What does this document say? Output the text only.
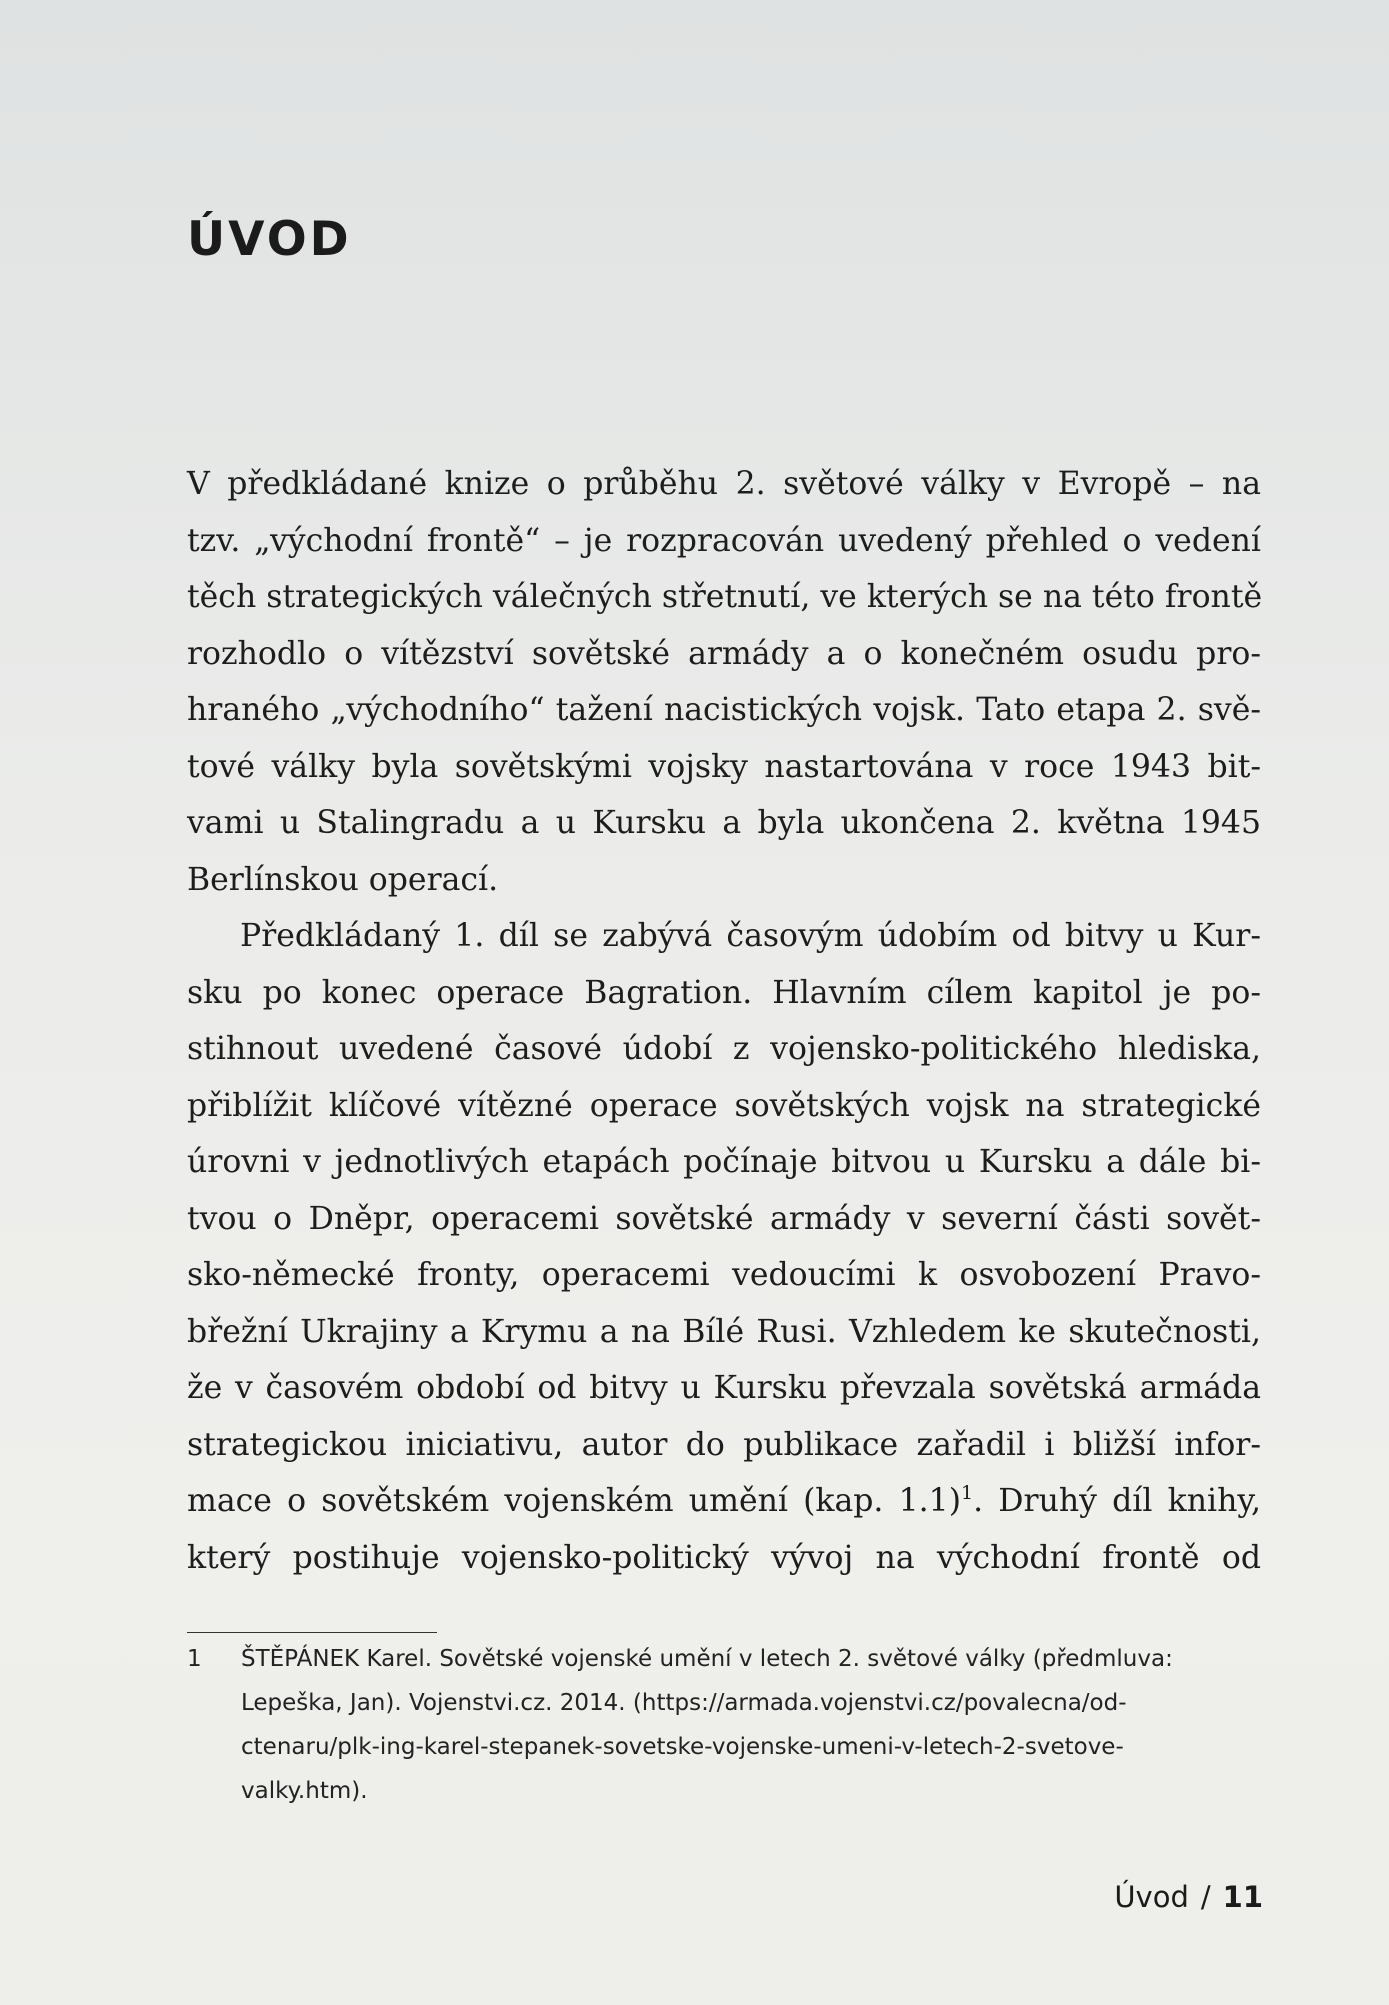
ÚVOD
V předkládané knize o průběhu 2. světové války v Evropě – na
tzv. „východní frontě“ – je rozpracován uvedený přehled o vedení
těch strategických válečných střetnutí, ve kterých se na této frontě
rozhodlo o vítězství sovětské armády a o konečném osudu pro-
hraného „východního“ tažení nacistických vojsk. Tato etapa 2. svě-
tové války byla sovětskými vojsky nastartována v roce 1943 bit-
vami u Stalingradu a u Kursku a byla ukončena 2. května 1945
Berlínskou operací.
Předkládaný 1. díl se zabývá časovým údobím od bitvy u Kur-
sku po konec operace Bagration. Hlavním cílem kapitol je po-
stihnout uvedené časové údobí z vojensko-politického hlediska,
přiblížit klíčové vítězné operace sovětských vojsk na strategické
úrovni v jednotlivých etapách počínaje bitvou u Kursku a dále bi-
tvou o Dněpr, operacemi sovětské armády v severní části sovět-
sko-německé fronty, operacemi vedoucími k osvobození Pravo-
břežní Ukrajiny a Krymu a na Bílé Rusi. Vzhledem ke skutečnosti,
že v časovém období od bitvy u Kursku převzala sovětská armáda
strategickou iniciativu, autor do publikace zařadil i bližší infor-
mace o sovětském vojenském umění (kap. 1.1)$^1$. Druhý díl knihy,
který postihuje vojensko-politický vývoj na východní frontě od
1 ŠTĚPÁNEK Karel. Sovětské vojenské umění v letech 2. světové války (předmluva:
Lepeška, Jan). Vojenstvi.cz. 2014. (https://armada.vojenstvi.cz/povalecna/od-
ctenaru/plk-ing-karel-stepanek-sovetske-vojenske-umeni-v-letech-2-svetove-
valky.htm).
Úvod / 11
